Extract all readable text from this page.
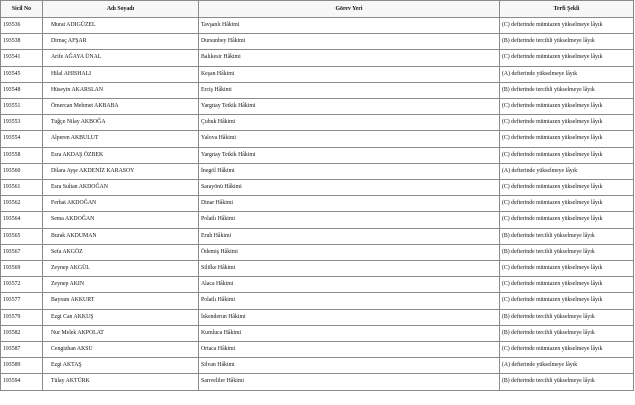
Sicil No	Adı Soyadı	Görev Yeri	Terfi Şekli
193536	Murat ADIGÜZEL	Tavşanlı Hâkimi	(C) defterinde mümtazen yükselmeye lâyık
193538	Dirnaç AFŞAR	Dursunbey Hâkimi	(B) defterinde tercihli yükselmeye lâyık
193541	Arife AĞAYA ÜNAL	Balıkesir Hâkimi	(C) defterinde mümtazen yükselmeye lâyık
193545	Hilal AHISHALI	Keşan Hâkimi	(A) defterinde yükselmeye lâyık
193548	Hüseyin AKARSLAN	Erciş Hâkimi	(B) defterinde tercihli yükselmeye lâyık
193551	Ömercan Mehmet AKBABA	Yargıtay Tetkik Hâkimi	(C) defterinde mümtazen yükselmeye lâyık
193553	Tuğçe Nilay AKBOĞA	Çubuk Hâkimi	(C) defterinde mümtazen yükselmeye lâyık
193554	Alperen AKBULUT	Yalova Hâkimi	(C) defterinde mümtazen yükselmeye lâyık
193558	Esra AKDAŞ ÖZBEK	Yargıtay Tetkik Hâkimi	(C) defterinde mümtazen yükselmeye lâyık
193560	Dilara Ayşe AKDENİZ KARASOY	İnegöl Hâkimi	(A) defterinde yükselmeye lâyık
193561	Esra Sultan AKDOĞAN	Sarayönü Hâkimi	(C) defterinde mümtazen yükselmeye lâyık
193562	Ferhat AKDOĞAN	Dinar Hâkimi	(C) defterinde mümtazen yükselmeye lâyık
193564	Sema AKDOĞAN	Polatlı Hâkimi	(C) defterinde mümtazen yükselmeye lâyık
193565	Burak AKDUMAN	Eruh Hâkimi	(B) defterinde tercihli yükselmeye lâyık
193567	Sefa AKGÖZ	Ödemiş Hâkimi	(B) defterinde tercihli yükselmeye lâyık
193569	Zeynep AKGÜL	Silifke Hâkimi	(C) defterinde mümtazen yükselmeye lâyık
193572	Zeynep AKIN	Alaca Hâkimi	(C) defterinde mümtazen yükselmeye lâyık
193577	Bayram AKKURT	Polatlı Hâkimi	(C) defterinde mümtazen yükselmeye lâyık
193579	Ezgi Can AKKUŞ	İskenderun Hâkimi	(B) defterinde tercihli yükselmeye lâyık
193582	Nur Melek AKPOLAT	Kumluca Hâkimi	(B) defterinde tercihli yükselmeye lâyık
193587	Cengizhan AKSU	Ortaca Hâkimi	(C) defterinde mümtazen yükselmeye lâyık
193589	Ezgi AKTAŞ	Silvan Hâkimi	(A) defterinde yükselmeye lâyık
193594	Tülay AKTÜRK	Sarıveliler Hâkimi	(B) defterinde tercihli yükselmeye lâyık
